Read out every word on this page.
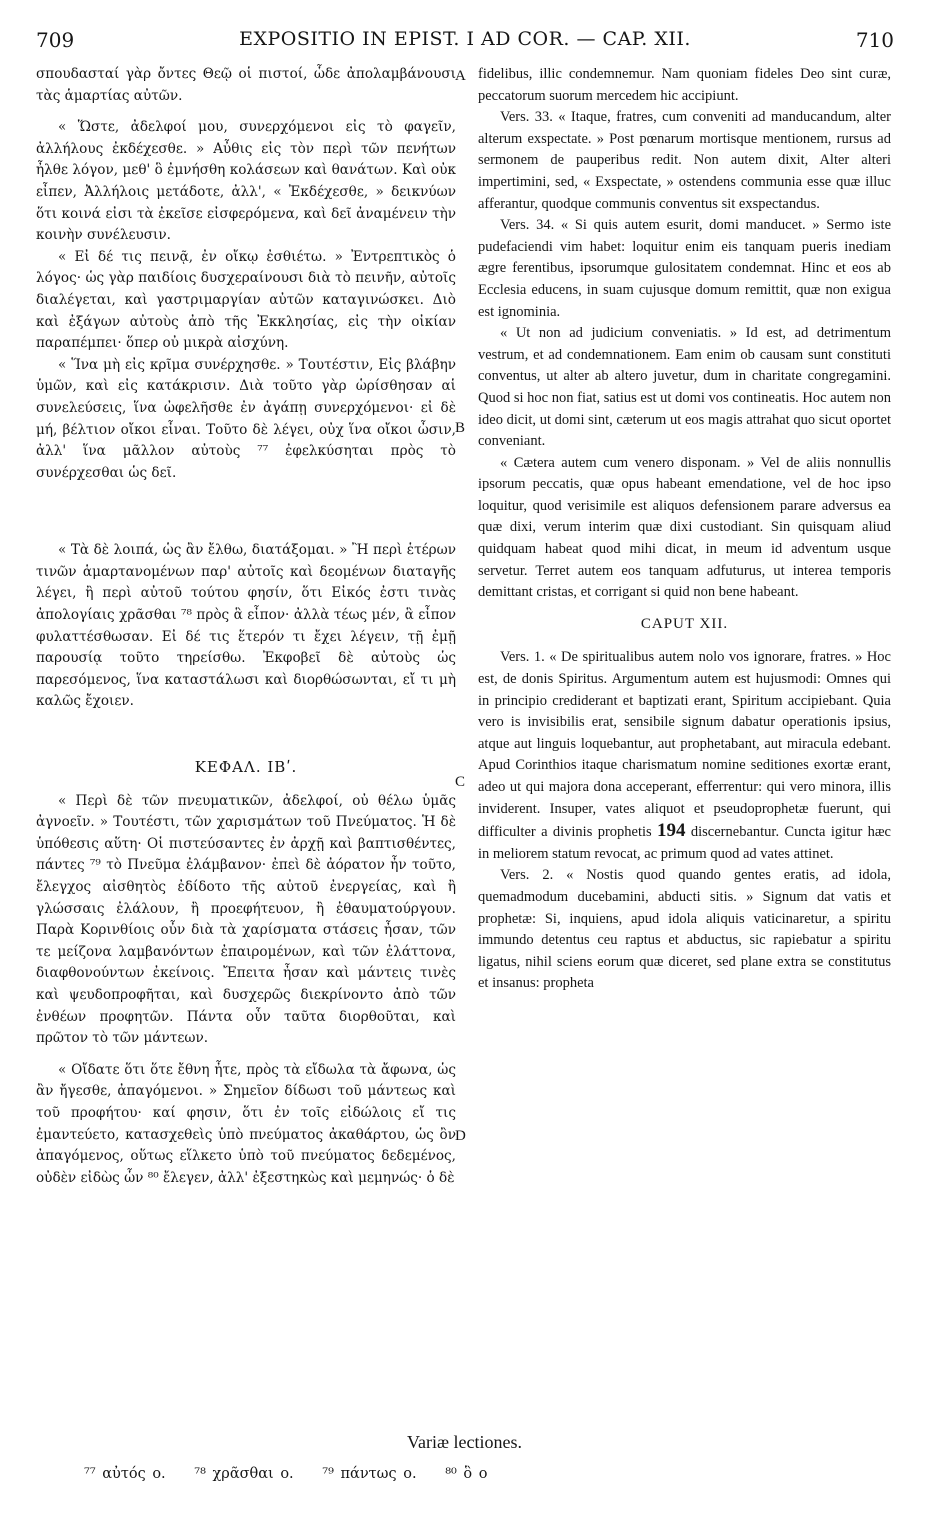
709	EXPOSITIO IN EPIST. I AD COR. — CAP. XII.	710

σπουδασταί γὰρ ὄντες Θεῷ οἱ πιστοί, ὧδε ἀπολαμβάνουσι τὰς ἁμαρτίας αὐτῶν.

« Ὥστε, ἀδελφοί μου, συνερχόμενοι εἰς τὸ φαγεῖν, ἀλλήλους ἐκδέχεσθε. » Αὖθις εἰς τὸν περὶ τῶν πενήτων ἦλθε λόγον, μεθ' ὃ ἐμνήσθη κολάσεων καὶ θανάτων. Καὶ οὐκ εἶπεν, Ἀλλήλοις μετάδοτε, ἀλλ', « Ἐκδέχεσθε, » δεικνύων ὅτι κοινά εἰσι τὰ ἐκεῖσε εἰσφερόμενα, καὶ δεῖ ἀναμένειν τὴν κοινὴν συνέλευσιν.

« Εἰ δέ τις πεινᾷ, ἐν οἴκῳ ἐσθιέτω. » Ἐντρεπτικὸς ὁ λόγος· ὡς γὰρ παιδίοις δυσχεραίνουσι διὰ τὸ πεινῆν, αὐτοῖς διαλέγεται, καὶ γαστριμαργίαν αὐτῶν καταγινώσκει. Διὸ καὶ ἐξάγων αὐτοὺς ἀπὸ τῆς Ἐκκλησίας, εἰς τὴν οἰκίαν παραπέμπει· ὅπερ οὐ μικρὰ αἰσχύνη.

« Ἵνα μὴ εἰς κρῖμα συνέρχησθε. » Τουτέστιν, Εἰς βλάβην ὑμῶν, καὶ εἰς κατάκρισιν. Διὰ τοῦτο γὰρ ὡρίσθησαν αἱ συνελεύσεις, ἵνα ὠφελῆσθε ἐν ἀγάπῃ συνερχόμενοι· εἰ δὲ μή, βέλτιον οἴκοι εἶναι. Τοῦτο δὲ λέγει, οὐχ ἵνα οἴκοι ὦσιν, ἀλλ' ἵνα μᾶλλον αὐτοὺς ⁷⁷ ἐφελκύσηται πρὸς τὸ συνέρχεσθαι ὡς δεῖ.

« Τὰ δὲ λοιπά, ὡς ἂν ἔλθω, διατάξομαι. » Ἢ περὶ ἑτέρων τινῶν ἁμαρτανομένων παρ' αὐτοῖς καὶ δεομένων διαταγῆς λέγει, ἢ περὶ αὐτοῦ τούτου φησίν, ὅτι Εἰκός ἐστι τινὰς ἀπολογίαις χρᾶσθαι ⁷⁸ πρὸς ἃ εἶπον· ἀλλὰ τέως μέν, ἃ εἶπον φυλαττέσθωσαν. Εἰ δέ τις ἕτερόν τι ἔχει λέγειν, τῇ ἐμῇ παρουσίᾳ τοῦτο τηρείσθω. Ἐκφοβεῖ δὲ αὐτοὺς ὡς παρεσόμενος, ἵνα καταστάλωσι καὶ διορθώσωνται, εἴ τι μὴ καλῶς ἔχοιεν.

ΚΕΦΑΛ. ΙΒʹ.

« Περὶ δὲ τῶν πνευματικῶν, ἀδελφοί, οὐ θέλω ὑμᾶς ἀγνοεῖν. » Τουτέστι, τῶν χαρισμάτων τοῦ Πνεύματος. Ἡ δὲ ὑπόθεσις αὕτη· Οἱ πιστεύσαντες ἐν ἀρχῇ καὶ βαπτισθέντες, πάντες ⁷⁹ τὸ Πνεῦμα ἐλάμβανον· ἐπεὶ δὲ ἀόρατον ἦν τοῦτο, ἔλεγχος αἰσθητὸς ἐδίδοτο τῆς αὐτοῦ ἐνεργείας, καὶ ἢ γλώσσαις ἐλάλουν, ἢ προεφήτευον, ἢ ἐθαυματούργουν. Παρὰ Κορινθίοις οὖν διὰ τὰ χαρίσματα στάσεις ἦσαν, τῶν τε μείζονα λαμβανόντων ἐπαιρομένων, καὶ τῶν ἐλάττονα, διαφθονούντων ἐκείνοις. Ἔπειτα ἦσαν καὶ μάντεις τινὲς καὶ ψευδοπροφῆται, καὶ δυσχερῶς διεκρίνοντο ἀπὸ τῶν ἐνθέων προφητῶν. Πάντα οὖν ταῦτα διορθοῦται, καὶ πρῶτον τὸ τῶν μάντεων.

« Οἴδατε ὅτι ὅτε ἔθνη ἦτε, πρὸς τὰ εἴδωλα τὰ ἄφωνα, ὡς ἂν ἤγεσθε, ἀπαγόμενοι. » Σημεῖον δίδωσι τοῦ μάντεως καὶ τοῦ προφήτου· καί φησιν, ὅτι ἐν τοῖς εἰδώλοις εἴ τις ἐμαντεύετο, κατασχεθεὶς ὑπὸ πνεύματος ἀκαθάρτου, ὡς ὂν ἀπαγόμενος, οὕτως εἵλκετο ὑπὸ τοῦ πνεύματος δεδεμένος, οὐδὲν εἰδὼς ὧν ⁸⁰ ἔλεγεν, ἀλλ' ἐξεστηκὼς καὶ μεμηνώς· ὁ δὲ

fidelibus, illic condemnemur. Nam quoniam fideles Deo sint curæ, peccatorum suorum mercedem hic accipiunt.

Vers. 33. « Itaque, fratres, cum conveniti ad manducandum, alter alterum exspectate. » Post pœnarum mortisque mentionem, rursus ad sermonem de pauperibus redit. Non autem dixit, Alter alteri impertimini, sed, « Exspectate, » ostendens communia esse quæ illuc afferantur, quodque communis conventus sit exspectandus.

Vers. 34. « Si quis autem esurit, domi manducet. » Sermo iste pudefaciendi vim habet: loquitur enim eis tanquam pueris inediam ægre ferentibus, ipsorumque gulositatem condemnat. Hinc et eos ab Ecclesia educens, in suam cujusque domum remittit, quæ non exigua est ignominia.

« Ut non ad judicium conveniatis. » Id est, ad detrimentum vestrum, et ad condemnationem. Eam enim ob causam sunt constituti conventus, ut alter ab altero juvetur, dum in charitate congregamini. Quod si hoc non fiat, satius est ut domi vos contineatis. Hoc autem non ideo dicit, ut domi sint, cæterum ut eos magis attrahat quo sicut oportet conveniant.

« Cætera autem cum venero disponam. » Vel de aliis nonnullis ipsorum peccatis, quæ opus habeant emendatione, vel de hoc ipso loquitur, quod verisimile est aliquos defensionem parare adversus ea quæ dixi, verum interim quæ dixi custodiant. Sin quisquam aliud quidquam habeat quod mihi dicat, in meum id adventum usque servetur. Terret autem eos tanquam adfuturus, ut interea temporis demittant cristas, et corrigant si quid non bene habeant.

CAPUT XII.

Vers. 1. « De spiritualibus autem nolo vos ignorare, fratres. » Hoc est, de donis Spiritus. Argumentum autem est hujusmodi: Omnes qui in principio crediderant et baptizati erant, Spiritum accipiebant. Quia vero is invisibilis erat, sensibile signum dabatur operationis ipsius, atque aut linguis loquebantur, aut prophetabant, aut miracula edebant. Apud Corinthios itaque charismatum nomine seditiones exortæ erant, adeo ut qui majora dona acceperant, efferrentur: qui vero minora, illis inviderent. Insuper, vates aliquot et pseudoprophetæ fuerunt, qui difficulter a divinis prophetis 194 discernebantur. Cuncta igitur hæc in meliorem statum revocat, ac primum quod ad vates attinet.

Vers. 2. « Nostis quod quando gentes eratis, ad idola, quemadmodum ducebamini, abducti sitis. » Signum dat vatis et prophetæ: Si, inquiens, apud idola aliquis vaticinaretur, a spiritu immundo detentus ceu raptus et abductus, sic rapiebatur a spiritu ligatus, nihil sciens eorum quæ diceret, sed plane extra se constitutus et insanus: propheta

A
B
C
D
Variæ lectiones.
⁷⁷ αὐτός ο. ⁷⁸ χρᾶσθαι ο. ⁷⁹ πάντως ο. ⁸⁰ ὃ ο
